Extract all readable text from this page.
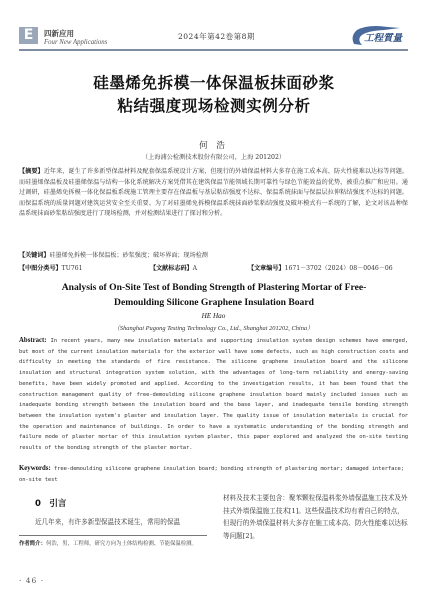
E	四新应用
Four New Applications
2024年第42卷第8期	工程質量
硅墨烯免拆模一体保温板抹面砂浆
粘结强度现场检测实例分析
何 浩
（上海浦公检测技术股份有限公司，上海 201202）
【摘要】近年来，诞生了许多新型保温材料及配套保温系统设计方案，但现行的外墙保温材料大多存在施工成本高、防火性能难以达标等问题。而硅墨烯保温板及硅墨烯保温与结构一体化系统解决方案凭借其在建筑保温节能领域长期可靠性与绿色节能效益的优势，被重点推广和应用。通过调研，硅墨烯免拆模一体化保温板系统施工管理主要存在保温板与基层粘结强度不达标、保温系统抹面与保温层拉伸粘结强度不达标的问题。而保温系统的质量问题对建筑运营安全至关重要。为了对硅墨烯免拆模保温系统抹面砂浆粘结强度及破坏模式有一系统的了解，论文对该品种保温系统抹面砂浆粘结强度进行了现场检测，并对检测结果进行了探讨和分析。
【关键词】硅墨烯免拆模一体保温板；砂浆强度；破坏界面；现场检测
【中图分类号】TU761	【文献标志码】A	【文章编号】1671－3702（2024）08－0046－06
Analysis of On-Site Test of Bonding Strength of Plastering Mortar of Free-Demoulding Silicone Graphene Insulation Board
HE Hao
（Shanghai Pugong Testing Technology Co., Ltd., Shanghai 201202, China）
Abstract: In recent years, many new insulation materials and supporting insulation system design schemes have emerged, but most of the current insulation materials for the exterior wall have some defects, such as high construction costs and difficulty in meeting the standards of fire resistance. The silicone graphene insulation board and the silicone insulation and structural integration system solution, with the advantages of long-term reliability and energy-saving benefits, have been widely promoted and applied. According to the investigation results, it has been found that the construction management quality of free-demoulding silicone graphene insulation board mainly included issues such as inadequate bonding strength between the insulation board and the base layer, and inadequate tensile bonding strength between the insulation system's plaster and insulation layer. The quality issue of insulation materials is crucial for the operation and maintenance of buildings. In order to have a systematic understanding of the bonding strength and failure mode of plaster mortar of this insulation system plaster, this paper explored and analyzed the on-site testing results of the bonding strength of the plaster mortar.
Keywords: free-demoulding silicone graphene insulation board; bonding strength of plastering mortar; damaged interface; on-site test
0　引言
近几年来，有许多新型保温技术诞生，常用的保温
材料及技术主要包含：聚苯颗粒保温料浆外墙保温施工技术及外挂式外墙保温施工技术[1]。这些保温技术均有着自己的特点，但现行的外墙保温材料大多存在施工成本高、防火性能难以达标等问题[2]。
作者简介：何浩，男，工程师，研究方向为土体结构检测、节能保温检测。
· 46 ·
